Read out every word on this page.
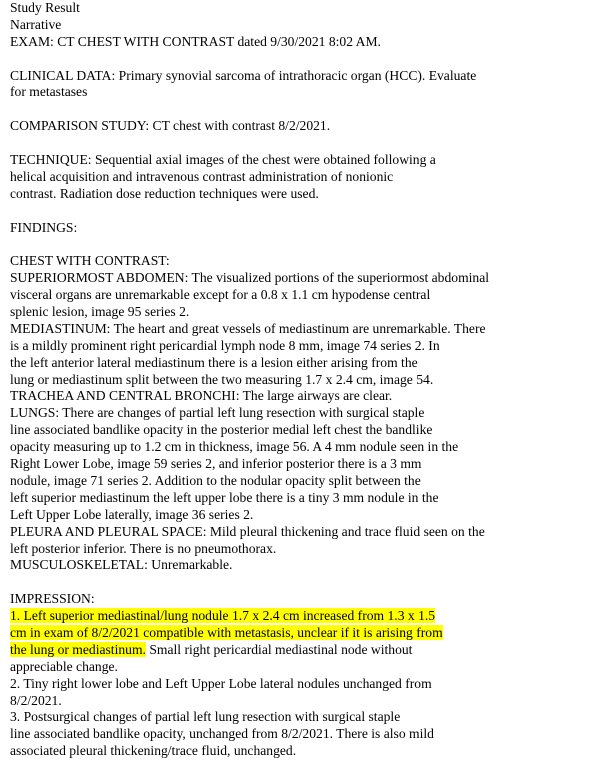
Study Result
Narrative
EXAM: CT CHEST WITH CONTRAST dated 9/30/2021 8:02 AM.
CLINICAL DATA: Primary synovial sarcoma of intrathoracic organ (HCC). Evaluate
for metastases
COMPARISON STUDY: CT chest with contrast 8/2/2021.
TECHNIQUE: Sequential axial images of the chest were obtained following a
helical acquisition and intravenous contrast administration of nonionic
contrast. Radiation dose reduction techniques were used.
FINDINGS:
CHEST WITH CONTRAST:
SUPERIORMOST ABDOMEN: The visualized portions of the superiormost abdominal
visceral organs are unremarkable except for a 0.8 x 1.1 cm hypodense central
splenic lesion, image 95 series 2.
MEDIASTINUM: The heart and great vessels of mediastinum are unremarkable. There
is a mildly prominent right pericardial lymph node 8 mm, image 74 series 2. In
the left anterior lateral mediastinum there is a lesion either arising from the
lung or mediastinum split between the two measuring 1.7 x 2.4 cm, image 54.
TRACHEA AND CENTRAL BRONCHI: The large airways are clear.
LUNGS: There are changes of partial left lung resection with surgical staple
line associated bandlike opacity in the posterior medial left chest the bandlike
opacity measuring up to 1.2 cm in thickness, image 56. A 4 mm nodule seen in the
Right Lower Lobe, image 59 series 2, and inferior posterior there is a 3 mm
nodule, image 71 series 2. Addition to the nodular opacity split between the
left superior mediastinum the left upper lobe there is a tiny 3 mm nodule in the
Left Upper Lobe laterally, image 36 series 2.
PLEURA AND PLEURAL SPACE: Mild pleural thickening and trace fluid seen on the
left posterior inferior. There is no pneumothorax.
MUSCULOSKELETAL: Unremarkable.
IMPRESSION:
1. Left superior mediastinal/lung nodule 1.7 x 2.4 cm increased from 1.3 x 1.5
cm in exam of 8/2/2021 compatible with metastasis, unclear if it is arising from
the lung or mediastinum. Small right pericardial mediastinal node without
appreciable change.
2. Tiny right lower lobe and Left Upper Lobe lateral nodules unchanged from
8/2/2021.
3. Postsurgical changes of partial left lung resection with surgical staple
line associated bandlike opacity, unchanged from 8/2/2021. There is also mild
associated pleural thickening/trace fluid, unchanged.
